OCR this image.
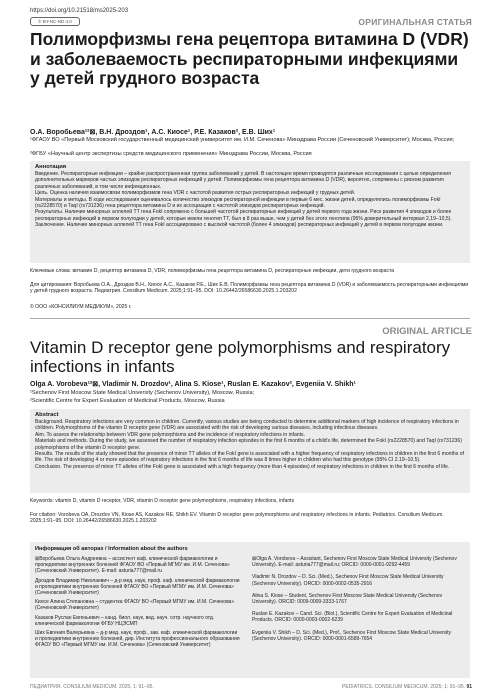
https://doi.org/10.21518/ms2025-203
© BY-NC-ND 4.0	ОРИГИНАЛЬНАЯ СТАТЬЯ
Полиморфизмы гена рецептора витамина D (VDR) и заболеваемость респираторными инфекциями у детей грудного возраста
О.А. Воробьева¹²⊠, В.Н. Дроздов¹, А.С. Киосе¹, Р.Е. Казаков², Е.В. Ших¹
¹ФГАОУ ВО «Первый Московский государственный медицинский университет им. И.М. Сеченова» Минздрава России (Сеченовский Университет); Москва, Россия;
²ФГБУ «Научный центр экспертизы средств медицинского применения» Минздрава России, Москва, Россия
Аннотация
Введение. Респираторные инфекции – крайне распространенная группа заболеваний у детей. В настоящее время проводятся различные исследования с целью определения дополнительных маркеров частых эпизодов респираторных инфекций у детей. Полиморфизмы гена рецептора витамина D (VDR), вероятно, сопряжены с риском развития различных заболеваний, в том числе инфекционных.
Цель. Оценка наличия взаимосвязи полиморфизмов гена VDR с частотой развития острых респираторных инфекций у грудных детей.
Материалы и методы. В ходе исследования оценивалось количество эпизодов респираторной инфекции в первые 6 мес. жизни детей, определялись полиморфизмы FokI (rs2228570) и TaqI (rs731236) гена рецептора витамина D и их ассоциация с частотой эпизодов респираторных инфекций.
Результаты. Наличие минорных аллелей TT гена FokI сопряжено с большей частотой респираторных инфекций у детей первого года жизни. Риск развития 4 эпизодов и более респираторных инфекций в первом полугодии у детей, которые имели генотип ТТ, был в 8 раз выше, чем у детей без этого генотипа (95% доверительный интервал 2,19–10,5).
Заключение. Наличие минорных аллелей TT гена FokI ассоциировано с высокой частотой (более 4 эпизодов) респираторных инфекций у детей в первом полугодии жизни.
Ключевые слова: витамин D, рецептор витамина D, VDR, полиморфизмы гена рецептора витамина D, респираторные инфекции, дети грудного возраста
Для цитирования: Воробьева О.А., Дроздов В.Н., Киосе А.С., Казаков Р.Е., Ших Е.В. Полиморфизмы гена рецептора витамина D (VDR) и заболеваемость респираторными инфекциями у детей грудного возраста. Педиатрия. Consilium Medicum. 2025;1:91–95. DOI: 10.26442/26586630.2025.1.203202
© ООО «КОНСИЛИУМ МЕДИКУМ», 2025 г.
ORIGINAL ARTICLE
Vitamin D receptor gene polymorphisms and respiratory infections in infants
Olga A. Vorobeva¹²⊠, Vladimir N. Drozdov¹, Alina S. Kiose¹, Ruslan E. Kazakov², Evgeniia V. Shikh¹
¹Sechenov First Moscow State Medical University (Sechenov University), Moscow, Russia;
²Scientific Centre for Expert Evaluation of Medicinal Products, Moscow, Russia
Abstract
Background. Respiratory infections are very common in children. Currently, various studies are being conducted to determine additional markers of high incidence of respiratory infections in children. Polymorphisms of the vitamin D receptor gene (VDR) are associated with the risk of developing various diseases, including infectious diseases.
Aim. To assess the relationship between VDR gene polymorphisms and the incidence of respiratory infections in infants.
Materials and methods. During the study, we assessed the number of respiratory infection episodes in the first 6 months of a child's life, determined the FokI (rs2228570) and TaqI (rs731236) polymorphisms of the vitamin D receptor gene.
Results. The results of the study showed that the presence of minor TT alleles of the FokI gene is associated with a higher frequency of respiratory infections in children in the first 6 months of life. The risk of developing 4 or more episodes of respiratory infections in the first 6 months of life was 8 times higher in children who had this genotype (95% CI 2.19–10.5).
Conclusion. The presence of minor TT alleles of the FokI gene is associated with a high frequency (more than 4 episodes) of respiratory infections in children in the first 6 months of life.
Keywords: vitamin D, vitamin D receptor, VDR, vitamin D receptor gene polymorphisms, respiratory infections, infants
For citation: Vorobeva OA, Drozdov VN, Kiose AS, Kazakov RE, Shikh EV. Vitamin D receptor gene polymorphisms and respiratory infections in infants. Pediatrics. Consilium Medicum. 2025;1:91–95. DOI: 10.26442/26586630.2025.1.203202
Информация об авторах / Information about the authors
⊠Воробьева Ольга Андреевна – ассистент каф. клинической фармакологии и пропедевтики внутренних болезней ФГАОУ ВО «Первый МГМУ им. И.М. Сеченова» (Сеченовский Университет). E-mail: asturia777@mail.ru
Дроздов Владимир Николаевич – д-р мед. наук, проф. каф. клинической фармакологии и пропедевтики внутренних болезней ФГАОУ ВО «Первый МГМУ им. И.М. Сеченова» (Сеченовский Университет)
Киосе Алина Степановна – студентка ФГАОУ ВО «Первый МГМУ им. И.М. Сеченова» (Сеченовский Университет)
Казаков Руслан Евгеньевич – канд. биол. наук, вед. науч. сотр. научного отд. клинической фармакологии ФГБУ НЦЭСМП
Ших Евгения Валерьевна – д-р мед. наук, проф., зав. каф. клинической фармакологии и пропедевтики внутренних болезней, дир. Института профессионального образования ФГАОУ ВО «Первый МГМУ им. И.М. Сеченова» (Сеченовский Университет)
⊠Olga A. Vorobeva – Assistant, Sechenov First Moscow State Medical University (Sechenov University). E-mail: asturia777@mail.ru; ORCID: 0000-0001-9292-4459
Vladimir N. Drozdov – D. Sci. (Med.), Sechenov First Moscow State Medical University (Sechenov University). ORCID: 0000-0002-0535-2916
Alina S. Kiose – Student, Sechenov First Moscow State Medical University (Sechenov University). ORCID: 0009-0009-3333-1767
Ruslan E. Kazakov – Cand. Sci. (Biol.), Scientific Centre for Expert Evaluation of Medicinal Products. ORCID: 0000-0003-0002-6239
Evgeniia V. Shikh – D. Sci. (Med.), Prof., Sechenov First Moscow State Medical University (Sechenov University). ORCID: 0000-0001-6589-7654
ПЕДИАТРИЯ. CONSILIUM MEDICUM. 2025; 1: 91–95.	PEDIATRICS. CONSILIUM MEDICUM. 2025; 1: 91–95. 91
